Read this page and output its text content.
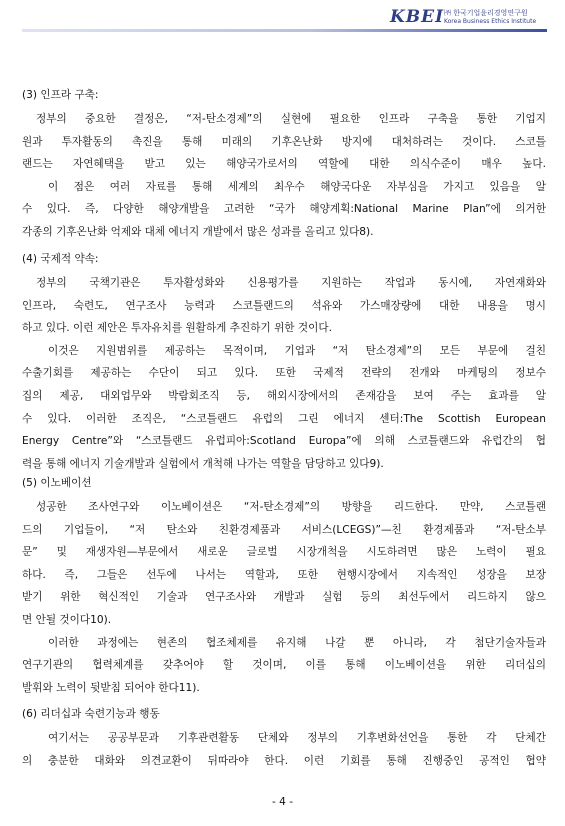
KBEI ㈜ 한국기업윤리경영연구원
Korea Business Ethics Institute
(3) 인프라 구축:
정부의 중요한 결정은, “저-탄소경제”의 실현에 필요한 인프라 구축을 통한 기업지
원과 투자활동의 촉진을 통해 미래의 기후온난화 방지에 대처하려는 것이다. 스코틀
랜드는 자연혜택을 받고 있는 해양국가로서의 역할에 대한 의식수준이 매우 높다.
이 점은 여러 자료를 통해 세계의 최우수 해양국다운 자부심을 가지고 있음을 알
수 있다. 즉, 다양한 해양개발을 고려한 “국가 해양계획:National Marine Plan”에 의거한
각종의 기후온난화 억제와 대체 에너지 개발에서 많은 성과를 올리고 있다8).
(4) 국제적 약속:
정부의 국책기관은 투자활성화와 신용평가를 지원하는 작업과 동시에, 자연재화와
인프라, 숙련도, 연구조사 능력과 스코틀랜드의 석유와 가스매장량에 대한 내용을 명시
하고 있다. 이런 제안은 투자유치를 원활하게 추진하기 위한 것이다.
이것은 지원범위를 제공하는 목적이며, 기업과 “저 탄소경제”의 모든 부문에 걸친
수출기회를 제공하는 수단이 되고 있다. 또한 국제적 전략의 전개와 마케팅의 정보수
집의 제공, 대외업무와 박람회조직 등, 해외시장에서의 존재감을 보여 주는 효과를 알
수 있다. 이러한 조직은, “스코틀랜드 유럽의 그린 에너지 센터:The Scottish European
Energy Centre”와 “스코틀랜드 유럽피아:Scotland Europa”에 의해 스코틀랜드와 유럽간의 협
력을 통해 에너지 기술개발과 실험에서 개척해 나가는 역할을 담당하고 있다9).
(5) 이노베이션
성공한 조사연구와 이노베이션은 “저-탄소경제”의 방향을 리드한다. 만약, 스코틀랜
드의 기업들이, “저 탄소와 친환경제품과 서비스(LCEGS)”—친 환경제품과 “저-탄소부
문” 및 재생자원—부문에서 새로운 글로벌 시장개척을 시도하려면 많은 노력이 필요
하다. 즉, 그들은 선두에 나서는 역할과, 또한 현행시장에서 지속적인 성장을 보장
받기 위한 혁신적인 기술과 연구조사와 개발과 실험 등의 최선두에서 리드하지 않으
면 안될 것이다10).
이러한 과정에는 현존의 협조체제를 유지해 나갈 뿐 아니라, 각 첨단기술자들과
연구기관의 협력체계를 갖추어야 할 것이며, 이를 통해 이노베이션을 위한 리더십의
발휘와 노력이 뒷받침 되어야 한다11).
(6) 리더십과 숙련기능과 행동
여기서는 공공부문과 기후관련활동 단체와 정부의 기후변화선언을 통한 각 단체간
의 충분한 대화와 의견교환이 뒤따라야 한다. 이런 기회를 통해 진행중인 공적인 협약
- 4 -
